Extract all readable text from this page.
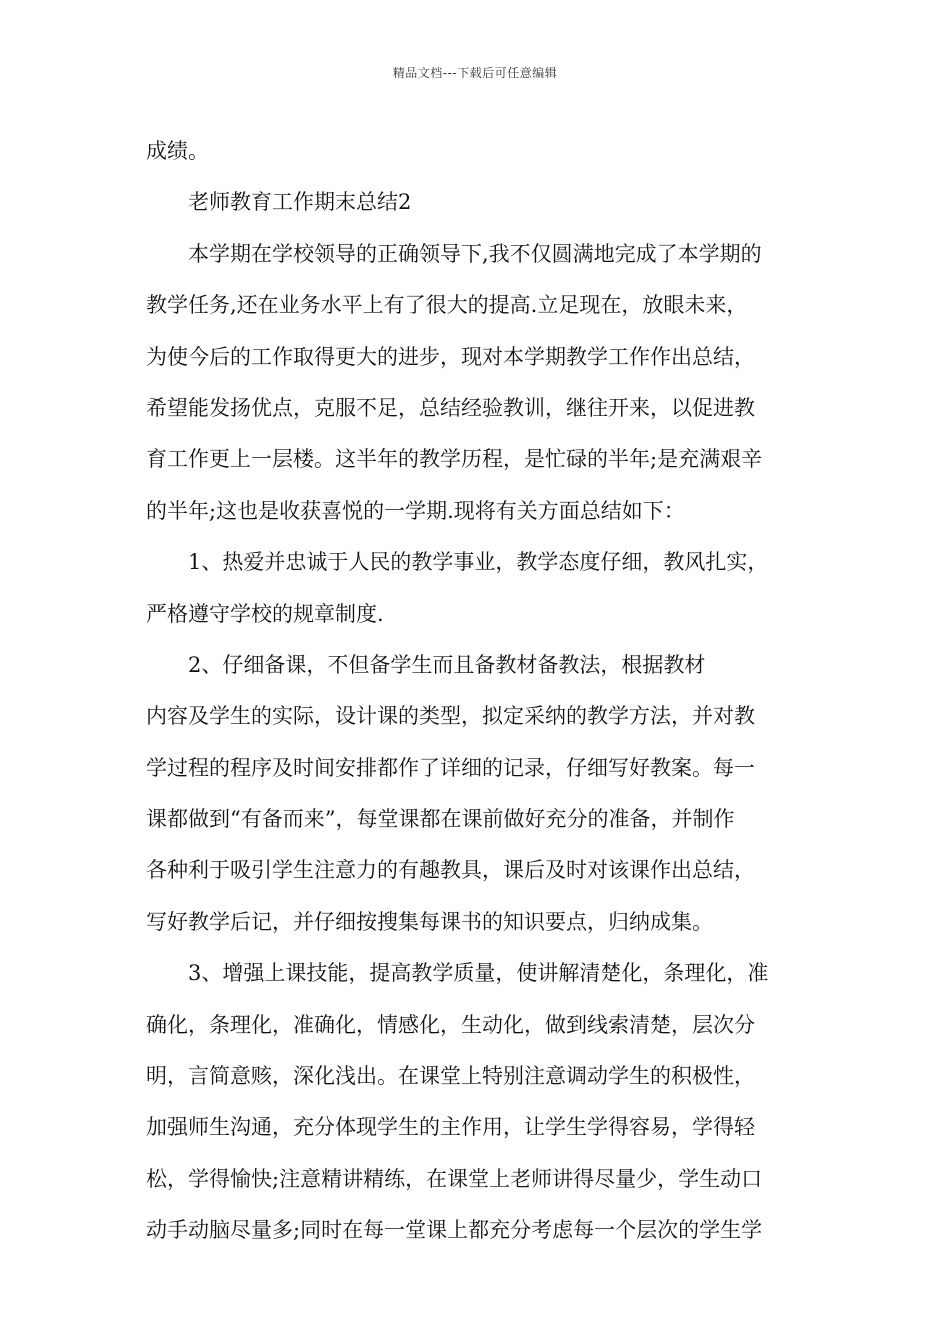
精品文档---下载后可任意编辑
成绩。
老师教育工作期末总结2
本学期在学校领导的正确领导下,我不仅圆满地完成了本学期的
教学任务,还在业务水平上有了很大的提高.立足现在，放眼未来，
为使今后的工作取得更大的进步，现对本学期教学工作作出总结，
希望能发扬优点，克服不足，总结经验教训，继往开来，以促进教
育工作更上一层楼。这半年的教学历程，是忙碌的半年;是充满艰辛
的半年;这也是收获喜悦的一学期.现将有关方面总结如下：
1、热爱并忠诚于人民的教学事业，教学态度仔细，教风扎实，
严格遵守学校的规章制度.
2、仔细备课，不但备学生而且备教材备教法，根据教材
内容及学生的实际，设计课的类型，拟定采纳的教学方法，并对教
学过程的程序及时间安排都作了详细的记录，仔细写好教案。每一
课都做到“有备而来”，每堂课都在课前做好充分的准备，并制作
各种利于吸引学生注意力的有趣教具，课后及时对该课作出总结，
写好教学后记，并仔细按搜集每课书的知识要点，归纳成集。
3、增强上课技能，提高教学质量，使讲解清楚化，条理化，准
确化，条理化，准确化，情感化，生动化，做到线索清楚，层次分
明，言简意赅，深化浅出。在课堂上特别注意调动学生的积极性，
加强师生沟通，充分体现学生的主作用，让学生学得容易，学得轻
松，学得愉快;注意精讲精练，在课堂上老师讲得尽量少，学生动口
动手动脑尽量多;同时在每一堂课上都充分考虑每一个层次的学生学
